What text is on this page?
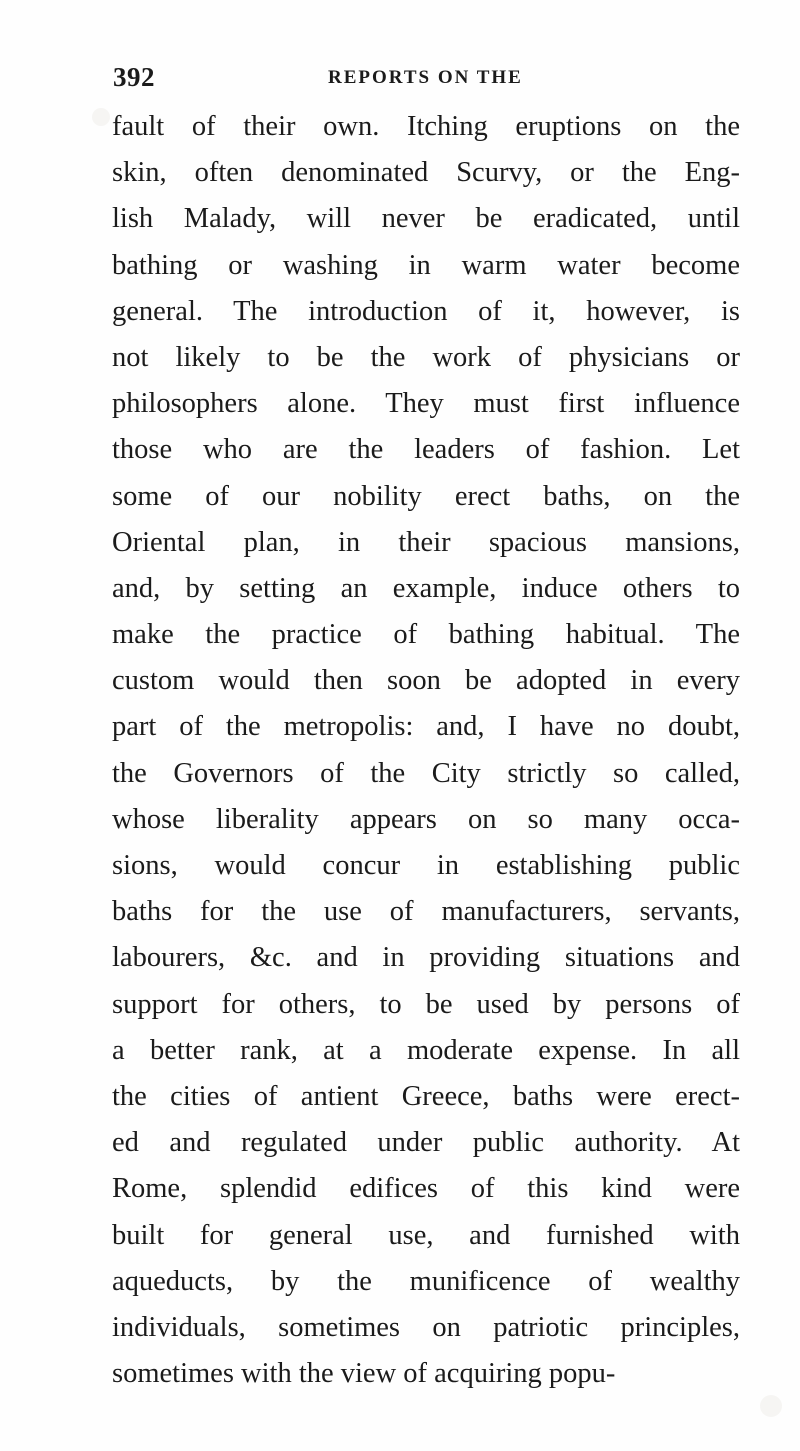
392	REPORTS ON THE
fault of their own. Itching eruptions on the
skin, often denominated Scurvy, or the Eng-
lish Malady, will never be eradicated, until
bathing or washing in warm water become
general. The introduction of it, however, is
not likely to be the work of physicians or
philosophers alone. They must first influence
those who are the leaders of fashion. Let
some of our nobility erect baths, on the
Oriental plan, in their spacious mansions,
and, by setting an example, induce others to
make the practice of bathing habitual. The
custom would then soon be adopted in every
part of the metropolis: and, I have no doubt,
the Governors of the City strictly so called,
whose liberality appears on so many occa-
sions, would concur in establishing public
baths for the use of manufacturers, servants,
labourers, &c. and in providing situations and
support for others, to be used by persons of
a better rank, at a moderate expense. In all
the cities of antient Greece, baths were erect-
ed and regulated under public authority. At
Rome, splendid edifices of this kind were
built for general use, and furnished with
aqueducts, by the munificence of wealthy
individuals, sometimes on patriotic principles,
sometimes with the view of acquiring popu-
